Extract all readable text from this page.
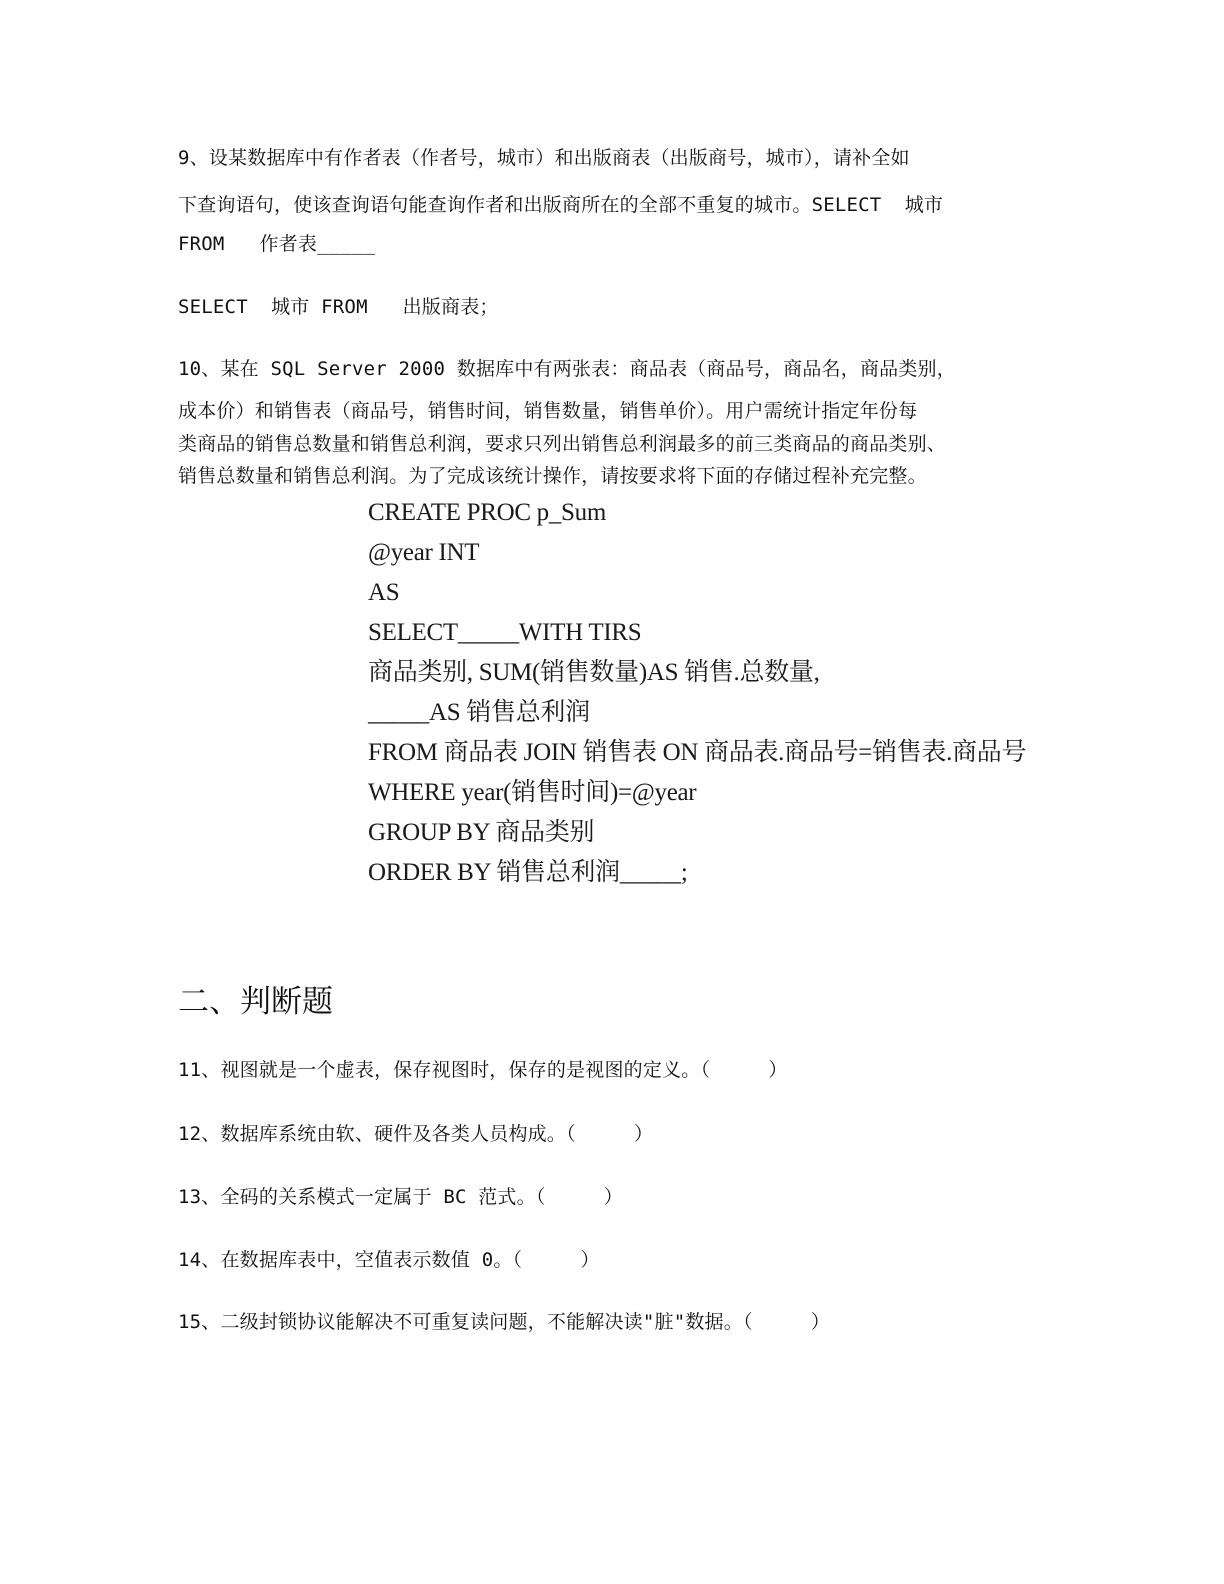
9、设某数据库中有作者表（作者号，城市）和出版商表（出版商号，城市），请补全如
下查询语句，使该查询语句能查询作者和出版商所在的全部不重复的城市。SELECT  城市
FROM   作者表_____
SELECT  城市 FROM   出版商表；
10、某在 SQL Server 2000 数据库中有两张表：商品表（商品号，商品名，商品类别，
成本价）和销售表（商品号，销售时间，销售数量，销售单价）。用户需统计指定年份每
类商品的销售总数量和销售总利润，要求只列出销售总利润最多的前三类商品的商品类别、
销售总数量和销售总利润。为了完成该统计操作，请按要求将下面的存储过程补充完整。
CREATE PROC p_Sum
@year INT
AS
SELECT_____WITH TIRS
商品类别, SUM(销售数量)AS 销售.总数量,
_____AS 销售总利润
FROM 商品表 JOIN 销售表 ON 商品表.商品号=销售表.商品号
WHERE year(销售时间)=@year
GROUP BY 商品类别
ORDER BY 销售总利润_____;
二、判断题
11、视图就是一个虚表，保存视图时，保存的是视图的定义。（     ）
12、数据库系统由软、硬件及各类人员构成。（     ）
13、全码的关系模式一定属于 BC 范式。（     ）
14、在数据库表中，空值表示数值 0。（     ）
15、二级封锁协议能解决不可重复读问题，不能解决读"脏"数据。（     ）
